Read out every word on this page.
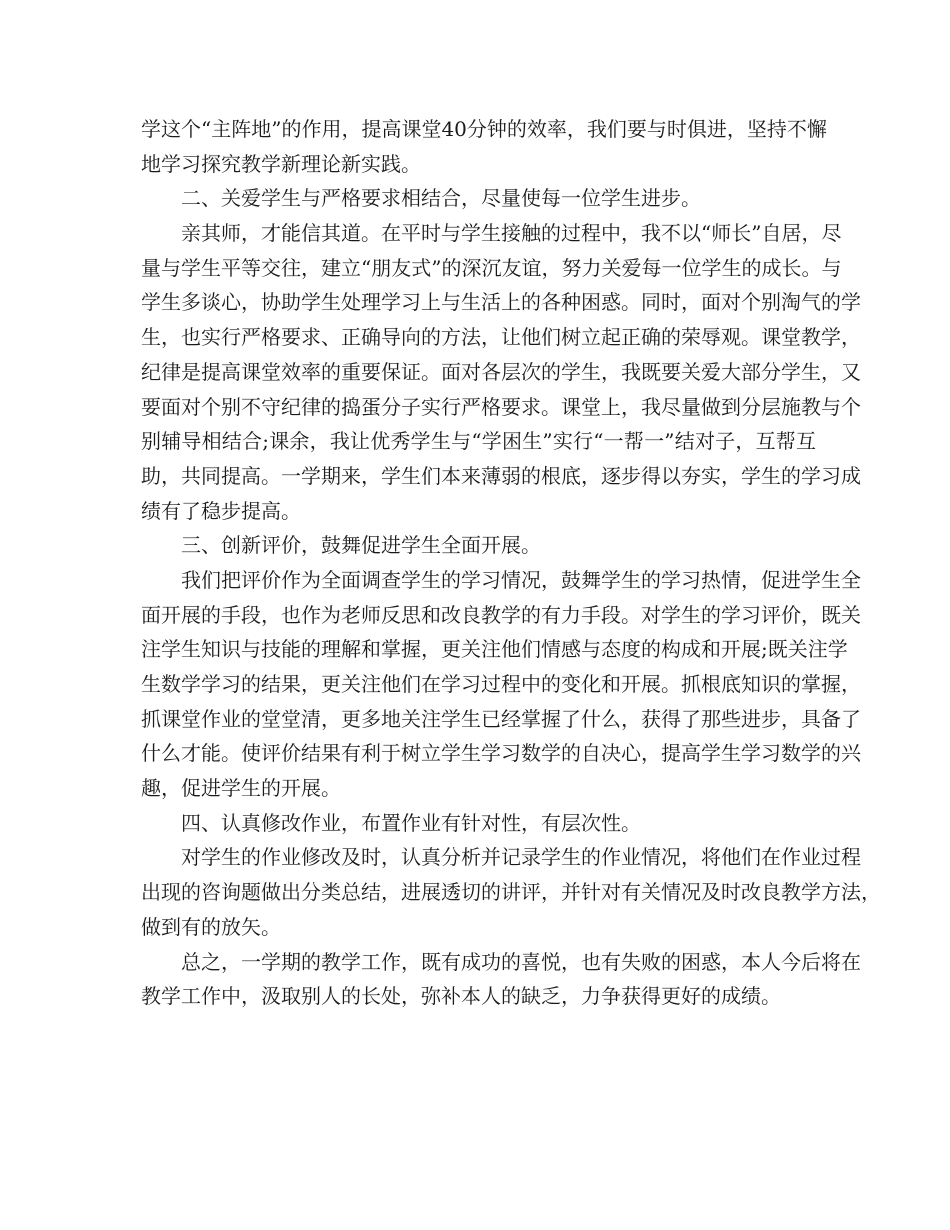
学这个“主阵地”的作用，提高课堂40分钟的效率，我们要与时俱进，坚持不懈
地学习探究教学新理论新实践。
二、关爱学生与严格要求相结合，尽量使每一位学生进步。
亲其师，才能信其道。在平时与学生接触的过程中，我不以“师长”自居，尽
量与学生平等交往，建立“朋友式”的深沉友谊，努力关爱每一位学生的成长。与
学生多谈心，协助学生处理学习上与生活上的各种困惑。同时，面对个别淘气的学
生，也实行严格要求、正确导向的方法，让他们树立起正确的荣辱观。课堂教学，
纪律是提高课堂效率的重要保证。面对各层次的学生，我既要关爱大部分学生，又
要面对个别不守纪律的捣蛋分子实行严格要求。课堂上，我尽量做到分层施教与个
别辅导相结合;课余，我让优秀学生与“学困生”实行“一帮一”结对子，互帮互
助，共同提高。一学期来，学生们本来薄弱的根底，逐步得以夯实，学生的学习成
绩有了稳步提高。
三、创新评价，鼓舞促进学生全面开展。
我们把评价作为全面调查学生的学习情况，鼓舞学生的学习热情，促进学生全
面开展的手段，也作为老师反思和改良教学的有力手段。对学生的学习评价，既关
注学生知识与技能的理解和掌握，更关注他们情感与态度的构成和开展;既关注学
生数学学习的结果，更关注他们在学习过程中的变化和开展。抓根底知识的掌握，
抓课堂作业的堂堂清，更多地关注学生已经掌握了什么，获得了那些进步，具备了
什么才能。使评价结果有利于树立学生学习数学的自决心，提高学生学习数学的兴
趣，促进学生的开展。
四、认真修改作业，布置作业有针对性，有层次性。
对学生的作业修改及时，认真分析并记录学生的作业情况，将他们在作业过程
出现的咨询题做出分类总结，进展透切的讲评，并针对有关情况及时改良教学方法，
做到有的放矢。
总之，一学期的教学工作，既有成功的喜悦，也有失败的困惑，本人今后将在
教学工作中，汲取别人的长处，弥补本人的缺乏，力争获得更好的成绩。
